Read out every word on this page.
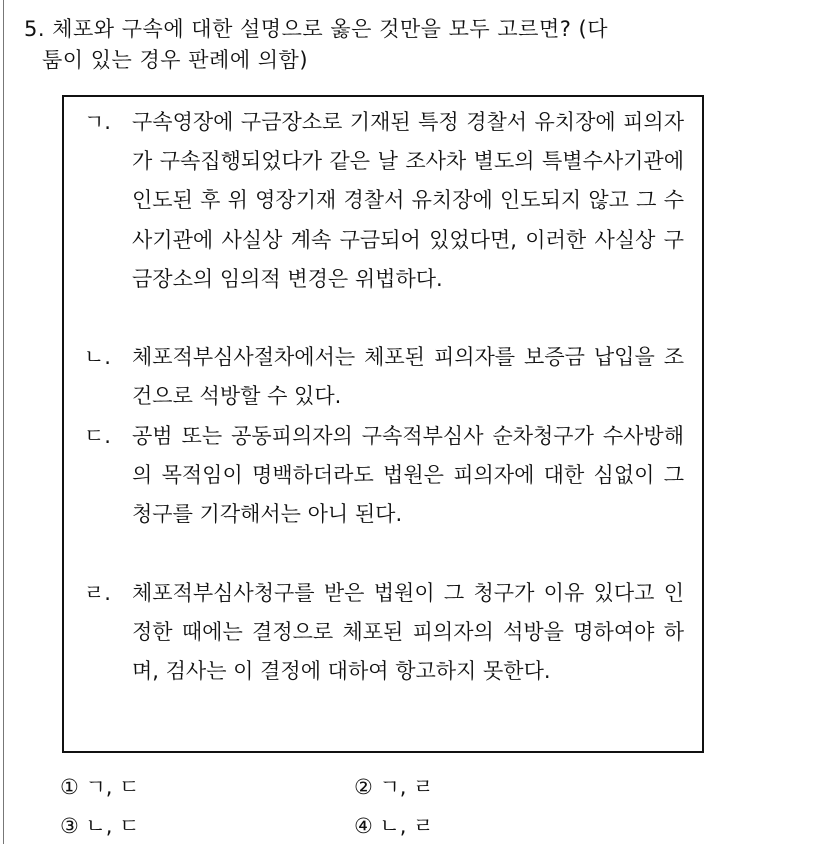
5. 체포와 구속에 대한 설명으로 옳은 것만을 모두 고르면? (다
툼이 있는 경우 판례에 의함)
ㄱ.	구속영장에 구금장소로 기재된 특정 경찰서 유치장에 피의자가 구속집행되었다가 같은 날 조사차 별도의 특별수사기관에 인도된 후 위 영장기재 경찰서 유치장에 인도되지 않고 그 수사기관에 사실상 계속 구금되어 있었다면, 이러한 사실상 구금장소의 임의적 변경은 위법하다.
ㄴ.	체포적부심사절차에서는 체포된 피의자를 보증금 납입을 조건으로 석방할 수 있다.
ㄷ.	공범 또는 공동피의자의 구속적부심사 순차청구가 수사방해의 목적임이 명백하더라도 법원은 피의자에 대한 심없이 그 청구를 기각해서는 아니 된다.
ㄹ.	체포적부심사청구를 받은 법원이 그 청구가 이유 있다고 인정한 때에는 결정으로 체포된 피의자의 석방을 명하여야 하며, 검사는 이 결정에 대하여 항고하지 못한다.
① ㄱ, ㄷ	② ㄱ, ㄹ
③ ㄴ, ㄷ	④ ㄴ, ㄹ
